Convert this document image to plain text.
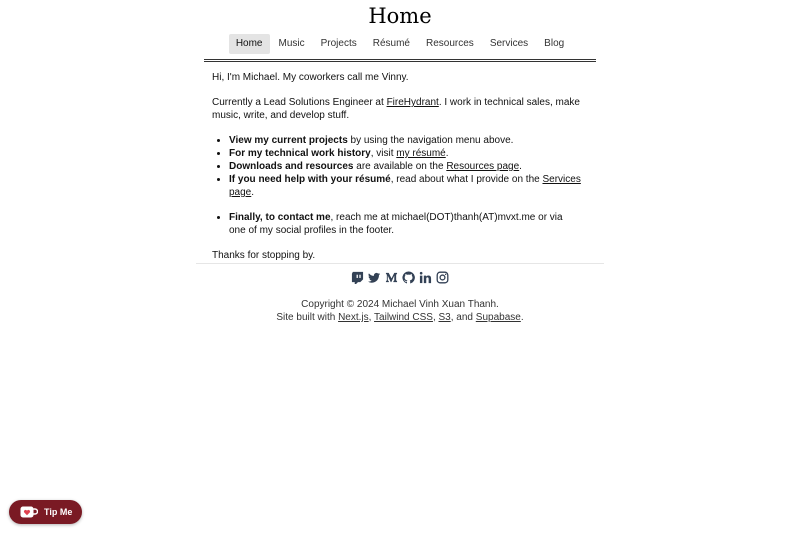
Home
Home	Music	Projects	Résumé	Resources	Services	Blog

Hi, I'm Michael. My coworkers call me Vinny.

Currently a Lead Solutions Engineer at FireHydrant. I work in technical sales, make music, write, and develop stuff.

• View my current projects by using the navigation menu above.
• For my technical work history, visit my résumé.
• Downloads and resources are available on the Resources page.
• If you need help with your résumé, read about what I provide on the Services page.
• Finally, to contact me, reach me at michael(DOT)thanh(AT)mvxt.me or via one of my social profiles in the footer.

Thanks for stopping by.

Copyright © 2024 Michael Vinh Xuan Thanh.
Site built with Next.js, Tailwind CSS, S3, and Supabase.
Tip Me
